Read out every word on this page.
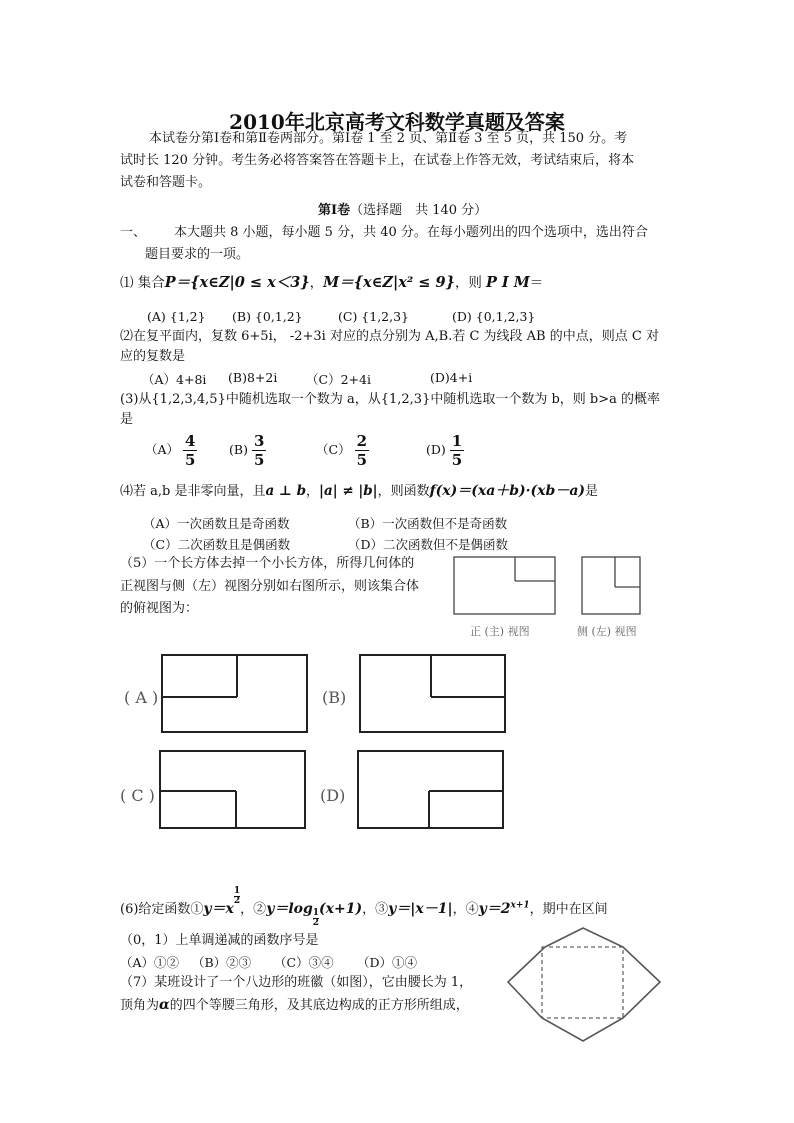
2010年北京高考文科数学真题及答案
本试卷分第Ⅰ卷和第Ⅱ卷两部分。第Ⅰ卷 1 至 2 页、第Ⅱ卷 3 至 5 页，共 150 分。考
试时长 120 分钟。考生务必将答案答在答题卡上，在试卷上作答无效，考试结束后，将本
试卷和答题卡。
第Ⅰ卷（选择题　共 140 分）
一、 本大题共 8 小题，每小题 5 分，共 40 分。在每小题列出的四个选项中，选出符合
题目要求的一项。
⑴ 集合P＝{x∈Z|0 ≤ x＜3}，M＝{x∈Z|x² ≤ 9}，则 P I M＝
(A) {1,2} (B) {0,1,2}	(C) {1,2,3}	(D) {0,1,2,3}
⑵在复平面内，复数 6+5i， -2+3i 对应的点分别为 A,B.若 C 为线段 AB 的中点，则点 C 对
应的复数是
（A）4+8i (B)8+2i （C）2+4i	(D)4+i
(3)从{1,2,3,4,5}中随机选取一个数为 a，从{1,2,3}中随机选取一个数为 b，则 b>a 的概率
是
$(A) \frac{4}{5}$	$(B) \frac{3}{5}$	$(C) \frac{2}{5}$	$(D) \frac{1}{5}$
⑷若 a,b 是非零向量，且a ⊥ b，|a| ≠ |b|，则函数f(x)＝(xa＋b)·(xb－a)是
（A）一次函数且是奇函数	（B）一次函数但不是奇函数
（C）二次函数且是偶函数	（D）二次函数但不是偶函数
（5）一个长方体去掉一个小长方体，所得几何体的
正视图与侧（左）视图分别如右图所示，则该集合体
的俯视图为：
正 (主) 视图	侧 (左) 视图
( A )	(B)
( C )	(D)
(6)给定函数①y＝x
$\frac{1}{2}$
，②y＝log $\frac{1}{2} (x+1)$，③y＝|x－1|，$④y=2^{x+1}$，期中在区间
（0，1）上单调递减的函数序号是
（A）①② （B）②③ （C）③④ （D）①④
（7）某班设计了一个八边形的班徽（如图），它由腰长为 1，
顶角为α的四个等腰三角形，及其底边构成的正方形所组成，
